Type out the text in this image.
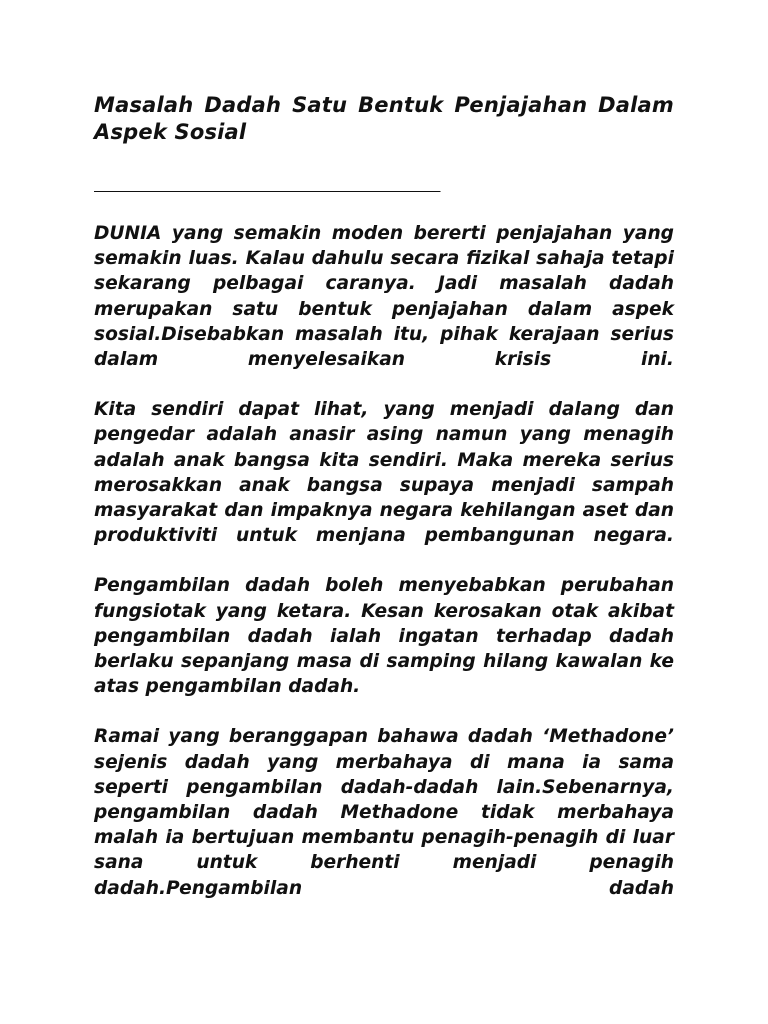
Masalah Dadah Satu Bentuk Penjajahan Dalam Aspek Sosial
_________________________________

DUNIA yang semakin moden bererti penjajahan yang semakin luas. Kalau dahulu secara fizikal sahaja tetapi sekarang pelbagai caranya. Jadi masalah dadah merupakan satu bentuk penjajahan dalam aspek sosial.Disebabkan masalah itu, pihak kerajaan serius dalam menyelesaikan krisis ini.

Kita sendiri dapat lihat, yang menjadi dalang dan pengedar adalah anasir asing namun yang menagih adalah anak bangsa kita sendiri. Maka mereka serius merosakkan anak bangsa supaya menjadi sampah masyarakat dan impaknya negara kehilangan aset dan produktiviti untuk menjana pembangunan negara.

Pengambilan dadah boleh menyebabkan perubahan fungsiotak yang ketara. Kesan kerosakan otak akibat pengambilan dadah ialah ingatan terhadap dadah berlaku sepanjang masa di samping hilang kawalan ke atas pengambilan dadah.

Ramai yang beranggapan bahawa dadah ‘Methadone’ sejenis dadah yang merbahaya di mana ia sama seperti pengambilan dadah-dadah lain.Sebenarnya, pengambilan dadah Methadone tidak merbahaya malah ia bertujuan membantu penagih-penagih di luar sana untuk berhenti menjadi penagih dadah.Pengambilan dadah
